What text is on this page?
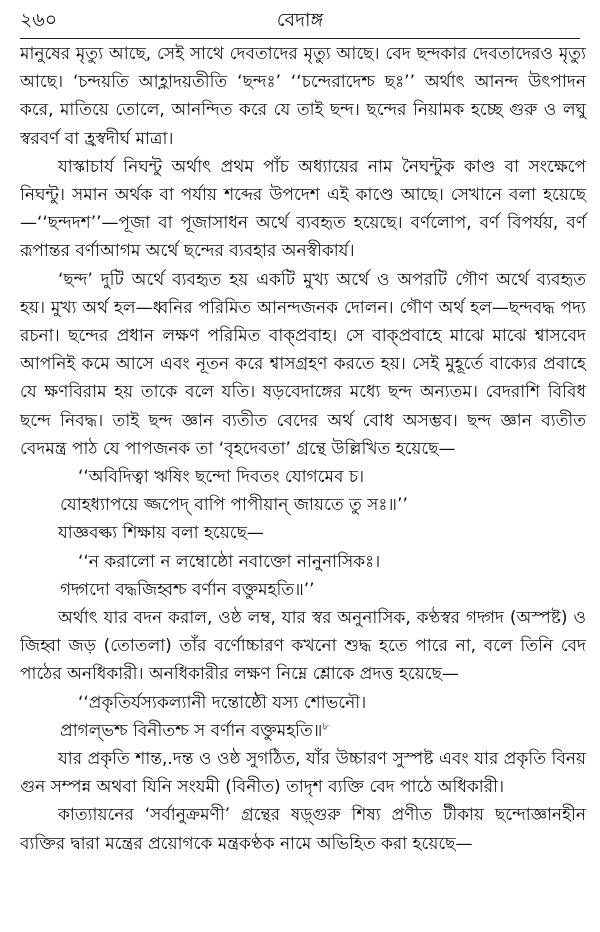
২৬০	বেদাঙ্গ

মানুষের মৃত্যু আছে, সেই সাথে দেবতাদের মৃত্যু আছে। বেদ ছন্দকার দেবতাদেরও মৃত্যু আছে। ‘চন্দয়তি আহ্লাদয়তীতি ‘ছন্দঃ’ ‘‘চন্দেরাদেশ্চ ছঃ’’ অর্থাৎ আনন্দ উৎপাদন করে, মাতিয়ে তোলে, আনন্দিত করে যে তাই ছন্দ। ছন্দের নিয়ামক হচ্ছে গুরু ও লঘু স্বরবর্ণ বা হ্রস্বদীর্ঘ মাত্রা।

যাস্কাচার্য নিঘন্টু অর্থাৎ প্রথম পাঁচ অধ্যায়ের নাম নৈঘন্টুক কাণ্ড বা সংক্ষেপে নিঘন্টু। সমান অর্থক বা পর্যায় শব্দের উপদেশ এই কাণ্ডে আছে। সেখানে বলা হয়েছে—‘‘ছন্দদশ’’—পূজা বা পূজাসাধন অর্থে ব্যবহৃত হয়েছে। বর্ণলোপ, বর্ণ বিপর্যয়, বর্ণ রূপান্তর বর্ণাআগম অর্থে ছন্দের ব্যবহার অনস্বীকার্য।

‘ছন্দ’ দুটি অর্থে ব্যবহৃত হয় একটি মুখ্য অর্থে ও অপরটি গৌণ অর্থে ব্যবহৃত হয়। মুখ্য অর্থ হল—ধ্বনির পরিমিত আনন্দজনক দোলন। গৌণ অর্থ হল—ছন্দবদ্ধ পদ্য রচনা। ছন্দের প্রধান লক্ষণ পরিমিত বাক্‌প্রবাহ। সে বাক্‌প্রবাহে মাঝে মাঝে শ্বাসবেদ আপনিই কমে আসে এবং নূতন করে শ্বাসগ্রহণ করতে হয়। সেই মুহূর্তে বাক্যের প্রবাহে যে ক্ষণবিরাম হয় তাকে বলে যতি। ষড়বেদাঙ্গের মধ্যে ছন্দ অন্যতম। বেদরাশি বিবিধ ছন্দে নিবদ্ধ। তাই ছন্দ জ্ঞান ব্যতীত বেদের অর্থ বোধ অসম্ভব। ছন্দ জ্ঞান ব্যতীত বেদমন্ত্র পাঠ যে পাপজনক তা ‘বৃহদেবতা’ গ্রন্থে উল্লিখিত হয়েছে—

‘‘অবিদিত্বা ঋষিং ছন্দো দিবতং যোগমেব চ।

যোহধ্যাপয়ে জ্জপেদ্ বাপি পাপীয়ান্ জায়তে তু সঃ॥’’

যাজ্ঞবল্ক্য শিক্ষায় বলা হয়েছে—

‘‘ন করালো ন লম্বোষ্ঠো নবাক্তো নানুনাসিকঃ।

গদ্গদো বদ্ধজিহ্বশ্চ বর্ণান বক্তুমহতি॥’’

অর্থাৎ যার বদন করাল, ওষ্ঠ লম্ব, যার স্বর অনুনাসিক, কণ্ঠস্বর গদ্গদ (অস্পষ্ট) ও জিহ্বা জড় (তোতলা) তাঁর বর্ণোচ্চারণ কখনো শুদ্ধ হতে পারে না, বলে তিনি বেদ পাঠের অনধিকারী। অনধিকারীর লক্ষণ নিম্নে শ্লোকে প্রদত্ত হয়েছে—

‘‘প্রকৃতির্যস্যকল্যানী দন্তোষ্ঠৌ যস্য শোভনৌ।

প্রাগল্‌ভশ্চ বিনীতশ্চ স বর্ণান বক্তুমহতি॥$^৮$

যার প্রকৃতি শান্ত,.দন্ত ও ওষ্ঠ সুগঠিত, যাঁর উচ্চারণ সুস্পষ্ট এবং যার প্রকৃতি বিনয় গুন সম্পন্ন অথবা যিনি সংযমী (বিনীত) তাদৃশ ব্যক্তি বেদ পাঠে অধিকারী।

কাত্যায়নের ‘সর্বানুক্রমণী’ গ্রন্থের ষড়্গুরু শিষ্য প্রণীত টীকায় ছন্দোজ্ঞানহীন ব্যক্তির দ্বারা মন্ত্রের প্রয়োগকে মন্ত্রকণ্ঠক নামে অভিহিত করা হয়েছে—
